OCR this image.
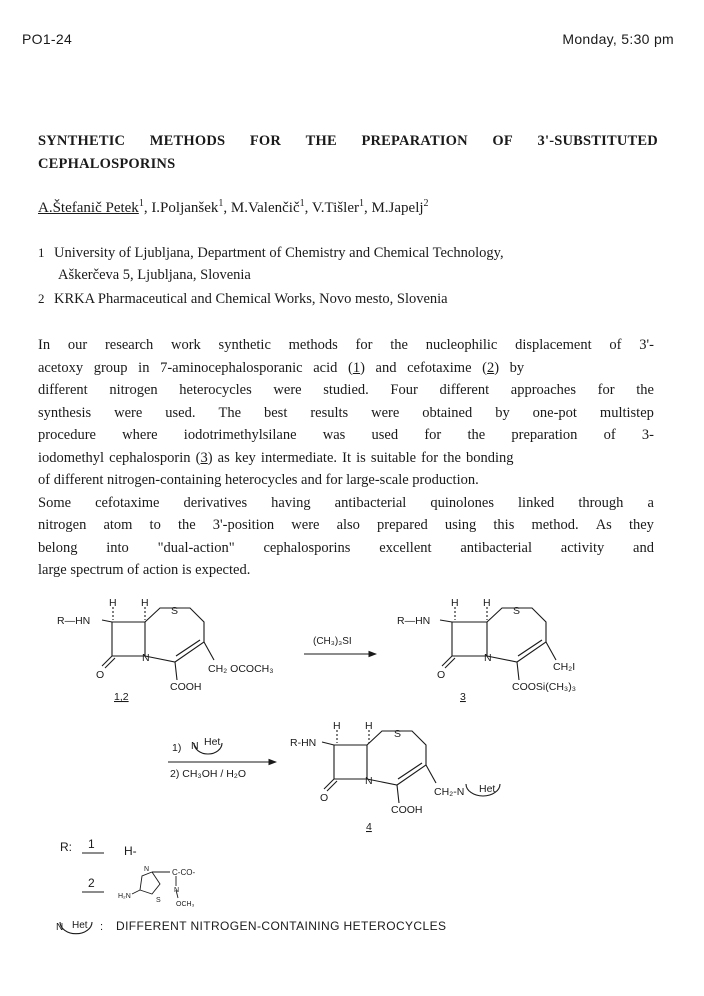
PO1-24	Monday, 5:30 pm
SYNTHETIC METHODS FOR THE PREPARATION OF 3'-SUBSTITUTED
CEPHALOSPORINS
A.Štefanič Petek$^1$, I.Poljanšek$^1$, M.Valenčič$^1$, V.Tišler$^1$, M.Japelj$^2$
1 University of Ljubljana, Department of Chemistry and Chemical Technology,
Aškerčeva 5, Ljubljana, Slovenia
2 KRKA Pharmaceutical and Chemical Works, Novo mesto, Slovenia
In our research work synthetic methods for the nucleophilic displacement of 3'-
acetoxy group in 7-aminocephalosporanic acid (1) and cefotaxime (2) by
different nitrogen heterocycles were studied. Four different approaches for the
synthesis were used. The best results were obtained by one-pot multistep
procedure where iodotrimethylsilane was used for the preparation of 3-
iodomethyl cephalosporin (3) as key intermediate. It is suitable for the bonding
of different nitrogen-containing heterocycles and for large-scale production.
Some cefotaxime derivatives having antibacterial quinolones linked through a
nitrogen atom to the 3'-position were also prepared using this method. As they
belong into "dual-action" cephalosporins excellent antibacterial activity and
large spectrum of action is expected.
R—HN
O
H H
S
N
CH₂ OCOCH₃
COOH
1,2
(CH₃)₃SI
R—HN
O
H H
S
N
CH₂I
COOSi(CH₃)₃
3
1) N Het
2) CH₃OH / H₂O
R-HN
O
H H
S
N
CH₂-N Het
COOH
4
R: 1 H-
2
N	C-CO-
N
H₂N
S
OCH₃
N Het : DIFFERENT NITROGEN-CONTAINING HETEROCYCLES
